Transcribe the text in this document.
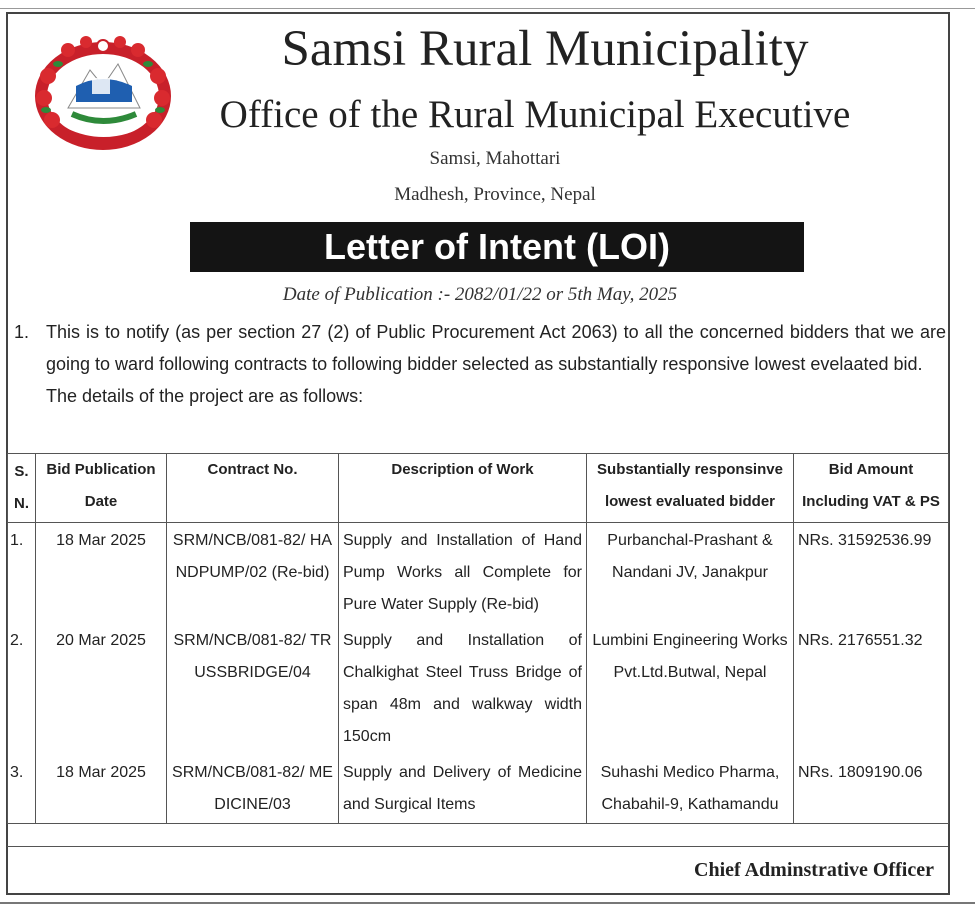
Samsi Rural Municipality
Office of the Rural Municipal Executive
Samsi, Mahottari
Madhesh, Province, Nepal
Letter of Intent (LOI)
Date of Publication :- 2082/01/22 or 5th May, 2025
1. This is to notify (as per section 27 (2) of Public Procurement Act 2063) to all the concerned bidders that we are going to ward following contracts to following bidder selected as substantially responsive lowest evelaated bid.
The details of the project are as follows:
S. N.	Bid Publication Date	Contract No.	Description of Work	Substantially responsinve lowest evaluated bidder	Bid Amount Including VAT & PS
1.	18 Mar 2025	SRM/NCB/081-82/ HANDPUMP/02 (Re-bid)	Supply and Installation of Hand Pump Works all Complete for Pure Water Supply (Re-bid)	Purbanchal-Prashant & Nandani JV, Janakpur	NRs. 31592536.99
2.	20 Mar 2025	SRM/NCB/081-82/ TRUSSBRIDGE/04	Supply and Installation of Chalkighat Steel Truss Bridge of span 48m and walkway width 150cm	Lumbini Engineering Works Pvt.Ltd.Butwal, Nepal	NRs. 2176551.32
3.	18 Mar 2025	SRM/NCB/081-82/ MEDICINE/03	Supply and Delivery of Medicine and Surgical Items	Suhashi Medico Pharma, Chabahil-9, Kathamandu	NRs. 1809190.06
Chief Adminstrative Officer
